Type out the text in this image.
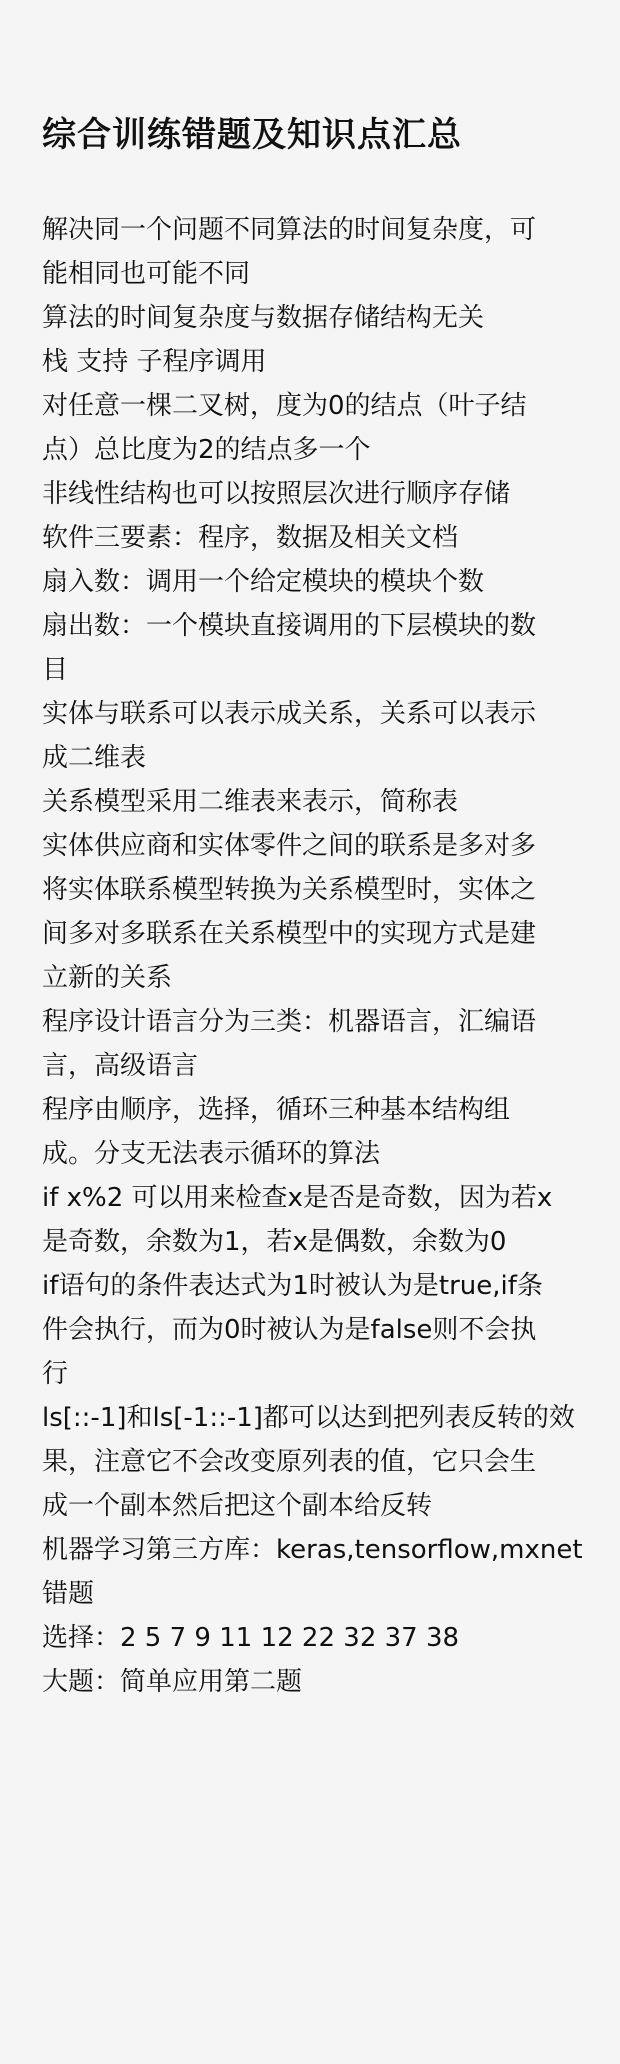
综合训练错题及知识点汇总
解决同一个问题不同算法的时间复杂度，可
能相同也可能不同
算法的时间复杂度与数据存储结构无关
栈 支持 子程序调用
对任意一棵二叉树，度为0的结点（叶子结
点）总比度为2的结点多一个
非线性结构也可以按照层次进行顺序存储
软件三要素：程序，数据及相关文档
扇入数：调用一个给定模块的模块个数
扇出数：一个模块直接调用的下层模块的数
目
实体与联系可以表示成关系，关系可以表示
成二维表
关系模型采用二维表来表示，简称表
实体供应商和实体零件之间的联系是多对多
将实体联系模型转换为关系模型时，实体之
间多对多联系在关系模型中的实现方式是建
立新的关系
程序设计语言分为三类：机器语言，汇编语
言，高级语言
程序由顺序，选择，循环三种基本结构组
成。分支无法表示循环的算法
if x%2 可以用来检查x是否是奇数，因为若x
是奇数，余数为1，若x是偶数，余数为0
if语句的条件表达式为1时被认为是true,if条
件会执行，而为0时被认为是false则不会执
行
ls[::-1]和ls[-1::-1]都可以达到把列表反转的效
果，注意它不会改变原列表的值，它只会生
成一个副本然后把这个副本给反转
机器学习第三方库：keras,tensorflow,mxnet
错题
选择：2 5 7 9 11 12 22 32 37 38
大题：简单应用第二题
